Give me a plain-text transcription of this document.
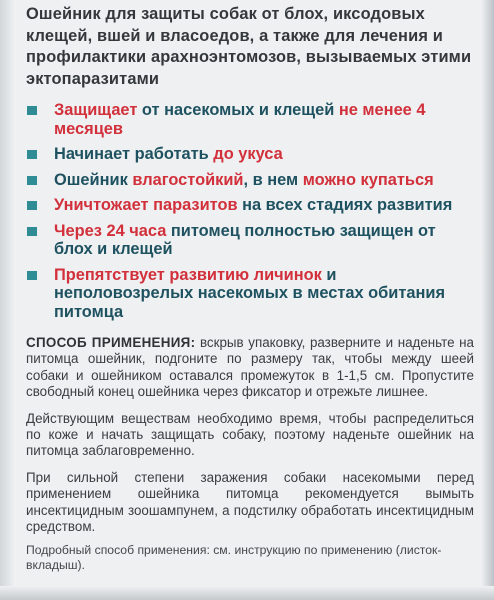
Ошейник для защиты собак от блох, иксодовых клещей, вшей и власоедов, а также для лечения и профилактики арахноэнтомозов, вызываемых этими эктопаразитами

Защищает от насекомых и клещей не менее 4 месяцев
Начинает работать до укуса
Ошейник влагостойкий, в нем можно купаться
Уничтожает паразитов на всех стадиях развития
Через 24 часа питомец полностью защищен от блох и клещей
Препятствует развитию личинок и неполовозрелых насекомых в местах обитания питомца

СПОСОБ ПРИМЕНЕНИЯ: вскрыв упаковку, разверните и наденьте на питомца ошейник, подгоните по размеру так, чтобы между шеей собаки и ошейником оставался промежуток в 1-1,5 см. Пропустите свободный конец ошейника через фиксатор и отрежьте лишнее.

Действующим веществам необходимо время, чтобы распределиться по коже и начать защищать собаку, поэтому наденьте ошейник на питомца заблаговременно.

При сильной степени заражения собаки насекомыми перед применением ошейника питомца рекомендуется вымыть инсектицидным зоошампунем, а подстилку обработать инсектицидным средством.

Подробный способ применения: см. инструкцию по применению (листок-вкладыш).
